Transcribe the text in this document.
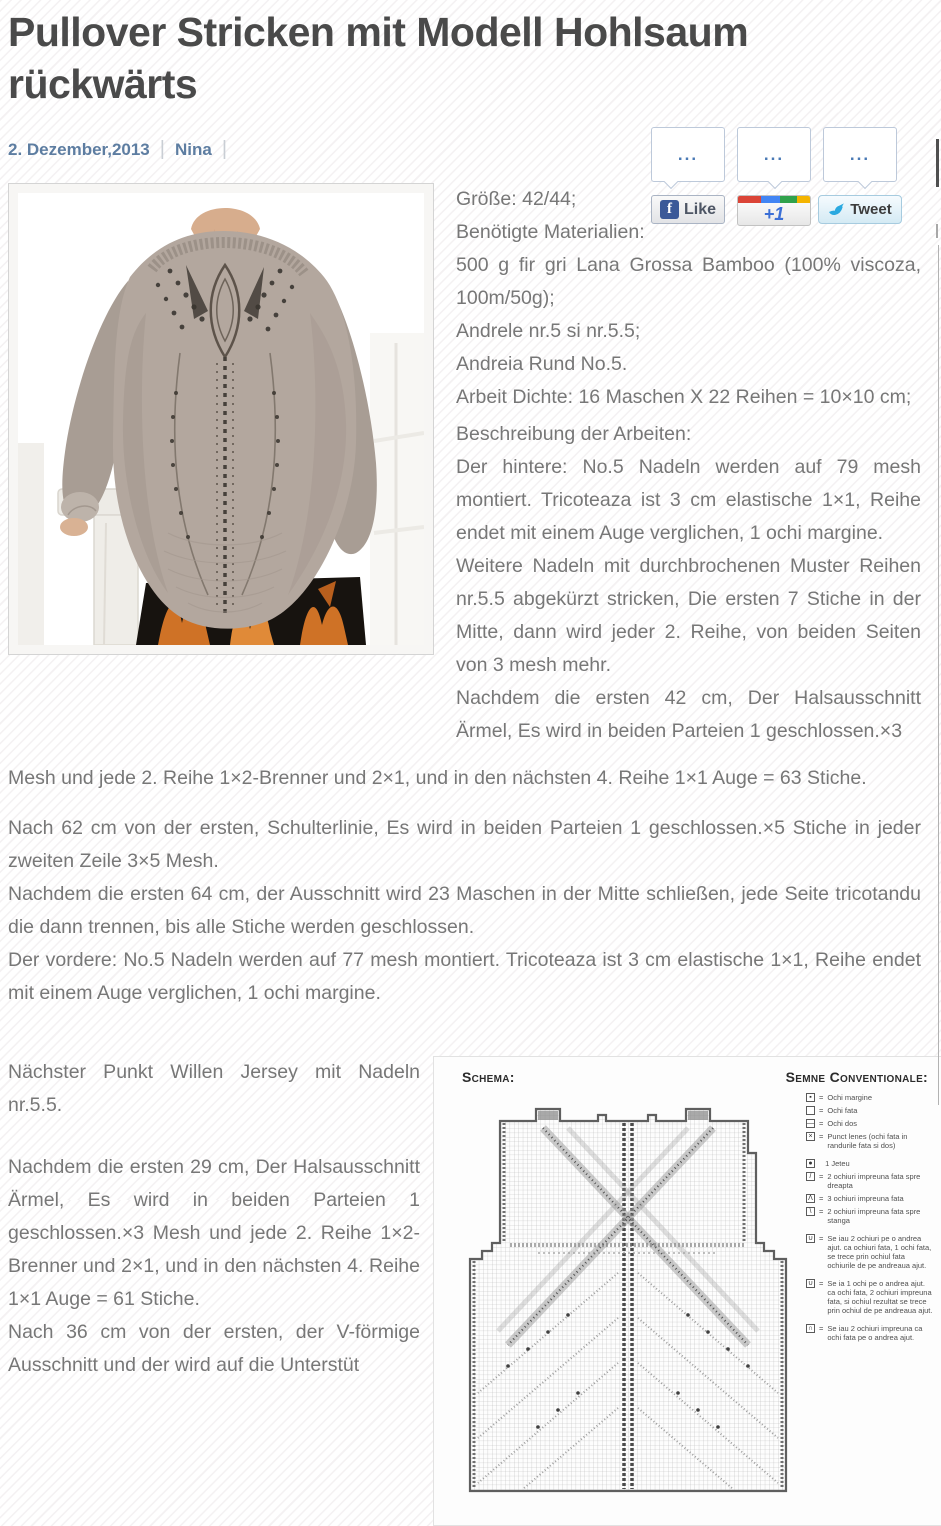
Pullover Stricken mit Modell Hohlsaum rückwärts
2. Dezember,2013 | Nina |	...
f Like
...
+1
...
Tweet
Größe: 42/44;
Benötigte Materialien:
500 g fir gri Lana Grossa Bamboo (100% viscoza, 100m/50g);
Andrele nr.5 si nr.5.5;
Andreia Rund No.5.
Arbeit Dichte: 16 Maschen X 22 Reihen = 10×10 cm;

Beschreibung der Arbeiten:

Der hintere: No.5 Nadeln werden auf 79 mesh montiert. Tricoteaza ist 3 cm elastische 1×1, Reihe endet mit einem Auge verglichen, 1 ochi margine.

Weitere Nadeln mit durchbrochenen Muster Reihen nr.5.5 abgekürzt stricken, Die ersten 7 Stiche in der Mitte, dann wird jeder 2. Reihe, von beiden Seiten von 3 mesh mehr.

Nachdem die ersten 42 cm, Der Halsausschnitt Ärmel, Es wird in beiden Parteien 1 geschlossen.×3

Mesh und jede 2. Reihe 1×2-Brenner und 2×1, und in den nächsten 4. Reihe 1×1 Auge = 63 Stiche.

Nach 62 cm von der ersten, Schulterlinie, Es wird in beiden Parteien 1 geschlossen.×5 Stiche in jeder zweiten Zeile 3×5 Mesh.

Nachdem die ersten 64 cm, der Ausschnitt wird 23 Maschen in der Mitte schließen, jede Seite tricotandu die dann trennen, bis alle Stiche werden geschlossen.

Der vordere: No.5 Nadeln werden auf 77 mesh montiert. Tricoteaza ist 3 cm elastische 1×1, Reihe endet mit einem Auge verglichen, 1 ochi margine.

Nächster Punkt Willen Jersey mit Nadeln nr.5.5.

Nachdem die ersten 29 cm, Der Halsausschnitt Ärmel, Es wird in beiden Parteien 1 geschlossen.×3 Mesh und jede 2. Reihe 1×2-Brenner und 2×1, und in den nächsten 4. Reihe 1×1 Auge = 61 Stiche.

Nach 36 cm von der ersten, der V-förmige Ausschnitt und der wird auf die Unterstüt

Schema:	Semne Conventionale:
▪ = Ochi margine
= Ochi fata
— = Ochi dos
× = Punct lenes (ochi fata in randurile fata si dos)
●
	1 Jeteu
/	= 2 ochiuri impreuna fata spre dreapta
Λ = 3 ochiuri impreuna fata
\	= 2 ochiuri impreuna fata spre stanga
∪ = Se iau 2 ochiuri pe o andrea ajut. ca ochiuri fata, 1 ochi fata, se trece prin ochiul fata ochiurile de pe andreaua ajut.
∪ = Se ia 1 ochi pe o andrea ajut. ca ochi fata, 2 ochiuri impreuna fata, si ochiul rezultat se trece prin ochiul de pe andreaua ajut.
∩ = Se iau 2 ochiuri impreuna ca ochi fata pe o andrea ajut.
